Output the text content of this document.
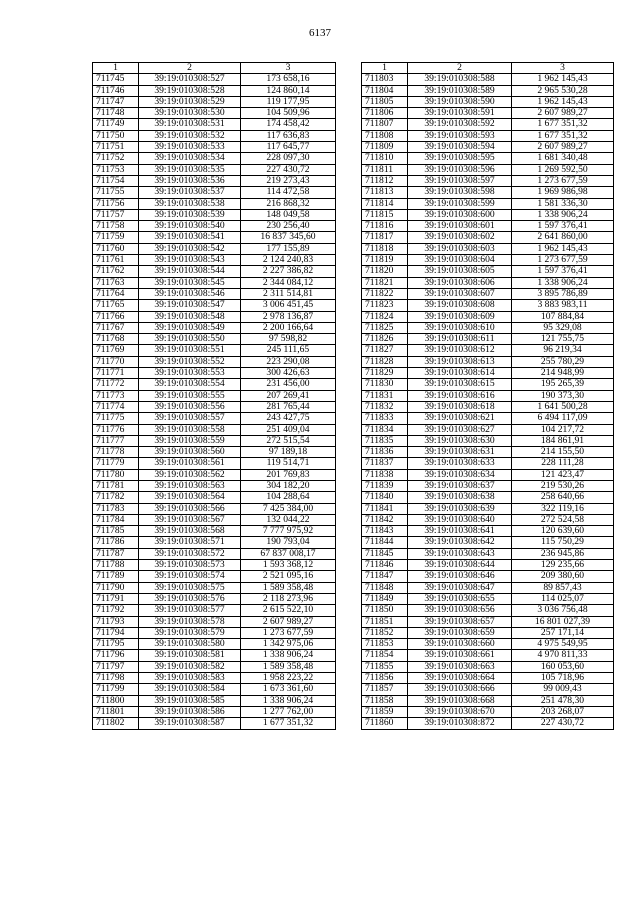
6137
1	2	3
711745	39:19:010308:527	173 658,16
711746	39:19:010308:528	124 860,14
711747	39:19:010308:529	119 177,95
711748	39:19:010308:530	104 509,96
711749	39:19:010308:531	174 458,42
711750	39:19:010308:532	117 636,83
711751	39:19:010308:533	117 645,77
711752	39:19:010308:534	228 097,30
711753	39:19:010308:535	227 430,72
711754	39:19:010308:536	219 273,43
711755	39:19:010308:537	114 472,58
711756	39:19:010308:538	216 868,32
711757	39:19:010308:539	148 049,58
711758	39:19:010308:540	230 256,40
711759	39:19:010308:541	16 837 345,60
711760	39:19:010308:542	177 155,89
711761	39:19:010308:543	2 124 240,83
711762	39:19:010308:544	2 227 386,82
711763	39:19:010308:545	2 344 084,12
711764	39:19:010308:546	2 311 514,81
711765	39:19:010308:547	3 006 451,45
711766	39:19:010308:548	2 978 136,87
711767	39:19:010308:549	2 200 166,64
711768	39:19:010308:550	97 598,82
711769	39:19:010308:551	245 111,65
711770	39:19:010308:552	223 290,08
711771	39:19:010308:553	300 426,63
711772	39:19:010308:554	231 456,00
711773	39:19:010308:555	207 269,41
711774	39:19:010308:556	281 765,44
711775	39:19:010308:557	243 427,75
711776	39:19:010308:558	251 409,04
711777	39:19:010308:559	272 515,54
711778	39:19:010308:560	97 189,18
711779	39:19:010308:561	119 514,71
711780	39:19:010308:562	201 769,83
711781	39:19:010308:563	304 182,20
711782	39:19:010308:564	104 288,64
711783	39:19:010308:566	7 425 384,00
711784	39:19:010308:567	132 044,22
711785	39:19:010308:568	7 777 975,92
711786	39:19:010308:571	190 793,04
711787	39:19:010308:572	67 837 008,17
711788	39:19:010308:573	1 593 368,12
711789	39:19:010308:574	2 521 095,16
711790	39:19:010308:575	1 589 358,48
711791	39:19:010308:576	2 118 273,96
711792	39:19:010308:577	2 615 522,10
711793	39:19:010308:578	2 607 989,27
711794	39:19:010308:579	1 273 677,59
711795	39:19:010308:580	1 342 975,06
711796	39:19:010308:581	1 338 906,24
711797	39:19:010308:582	1 589 358,48
711798	39:19:010308:583	1 958 223,22
711799	39:19:010308:584	1 673 361,60
711800	39:19:010308:585	1 338 906,24
711801	39:19:010308:586	1 277 762,00
711802	39:19:010308:587	1 677 351,32
1	2	3
711803	39:19:010308:588	1 962 145,43
711804	39:19:010308:589	2 965 530,28
711805	39:19:010308:590	1 962 145,43
711806	39:19:010308:591	2 607 989,27
711807	39:19:010308:592	1 677 351,32
711808	39:19:010308:593	1 677 351,32
711809	39:19:010308:594	2 607 989,27
711810	39:19:010308:595	1 681 340,48
711811	39:19:010308:596	1 269 592,50
711812	39:19:010308:597	1 273 677,59
711813	39:19:010308:598	1 969 986,98
711814	39:19:010308:599	1 581 336,30
711815	39:19:010308:600	1 338 906,24
711816	39:19:010308:601	1 597 376,41
711817	39:19:010308:602	2 641 860,00
711818	39:19:010308:603	1 962 145,43
711819	39:19:010308:604	1 273 677,59
711820	39:19:010308:605	1 597 376,41
711821	39:19:010308:606	1 338 906,24
711822	39:19:010308:607	3 895 786,89
711823	39:19:010308:608	3 883 983,11
711824	39:19:010308:609	107 884,84
711825	39:19:010308:610	95 329,08
711826	39:19:010308:611	121 755,75
711827	39:19:010308:612	96 219,34
711828	39:19:010308:613	255 780,29
711829	39:19:010308:614	214 948,99
711830	39:19:010308:615	195 265,39
711831	39:19:010308:616	190 373,30
711832	39:19:010308:618	1 641 500,28
711833	39:19:010308:621	6 494 117,09
711834	39:19:010308:627	104 217,72
711835	39:19:010308:630	184 861,91
711836	39:19:010308:631	214 155,50
711837	39:19:010308:633	228 111,28
711838	39:19:010308:634	121 423,47
711839	39:19:010308:637	219 530,26
711840	39:19:010308:638	258 640,66
711841	39:19:010308:639	322 119,16
711842	39:19:010308:640	272 524,58
711843	39:19:010308:641	120 639,60
711844	39:19:010308:642	115 750,29
711845	39:19:010308:643	236 945,86
711846	39:19:010308:644	129 235,66
711847	39:19:010308:646	209 380,60
711848	39:19:010308:647	89 857,43
711849	39:19:010308:655	114 025,07
711850	39:19:010308:656	3 036 756,48
711851	39:19:010308:657	16 801 027,39
711852	39:19:010308:659	257 171,14
711853	39:19:010308:660	4 975 549,95
711854	39:19:010308:661	4 970 811,33
711855	39:19:010308:663	160 053,60
711856	39:19:010308:664	105 718,96
711857	39:19:010308:666	99 009,43
711858	39:19:010308:668	251 478,30
711859	39:19:010308:670	203 268,07
711860	39:19:010308:872	227 430,72
